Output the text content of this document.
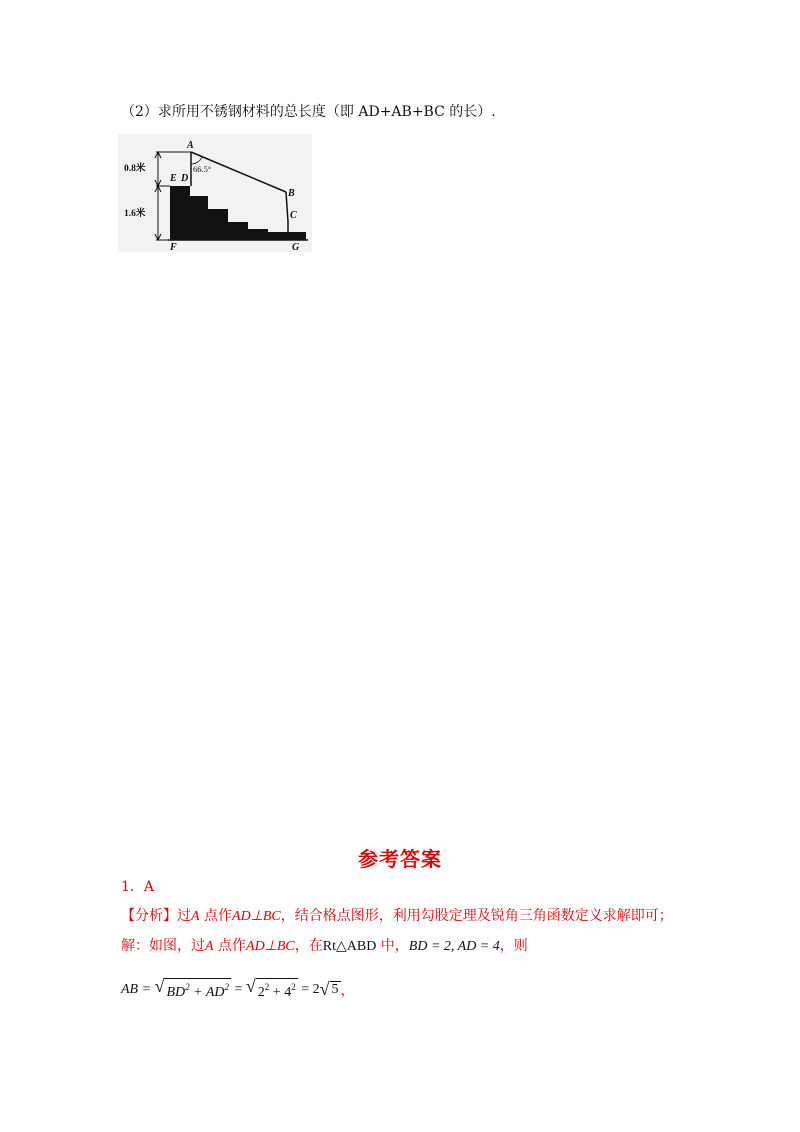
（2）求所用不锈钢材料的总长度（即 AD+AB+BC 的长）.
0.8米
1.6米
A
B
C
D
E
F	G
66.5°
参考答案
1．A
【分析】过A 点作AD⊥BC，结合格点图形，利用勾股定理及锐角三角函数定义求解即可；
解：如图，过A 点作AD⊥BC，在Rt△ABD 中，BD = 2, AD = 4，则
AB =
√ $BD^2 + AD^2$
=
√ $2^2 + 4^2$
= 2 √ 5 ，
